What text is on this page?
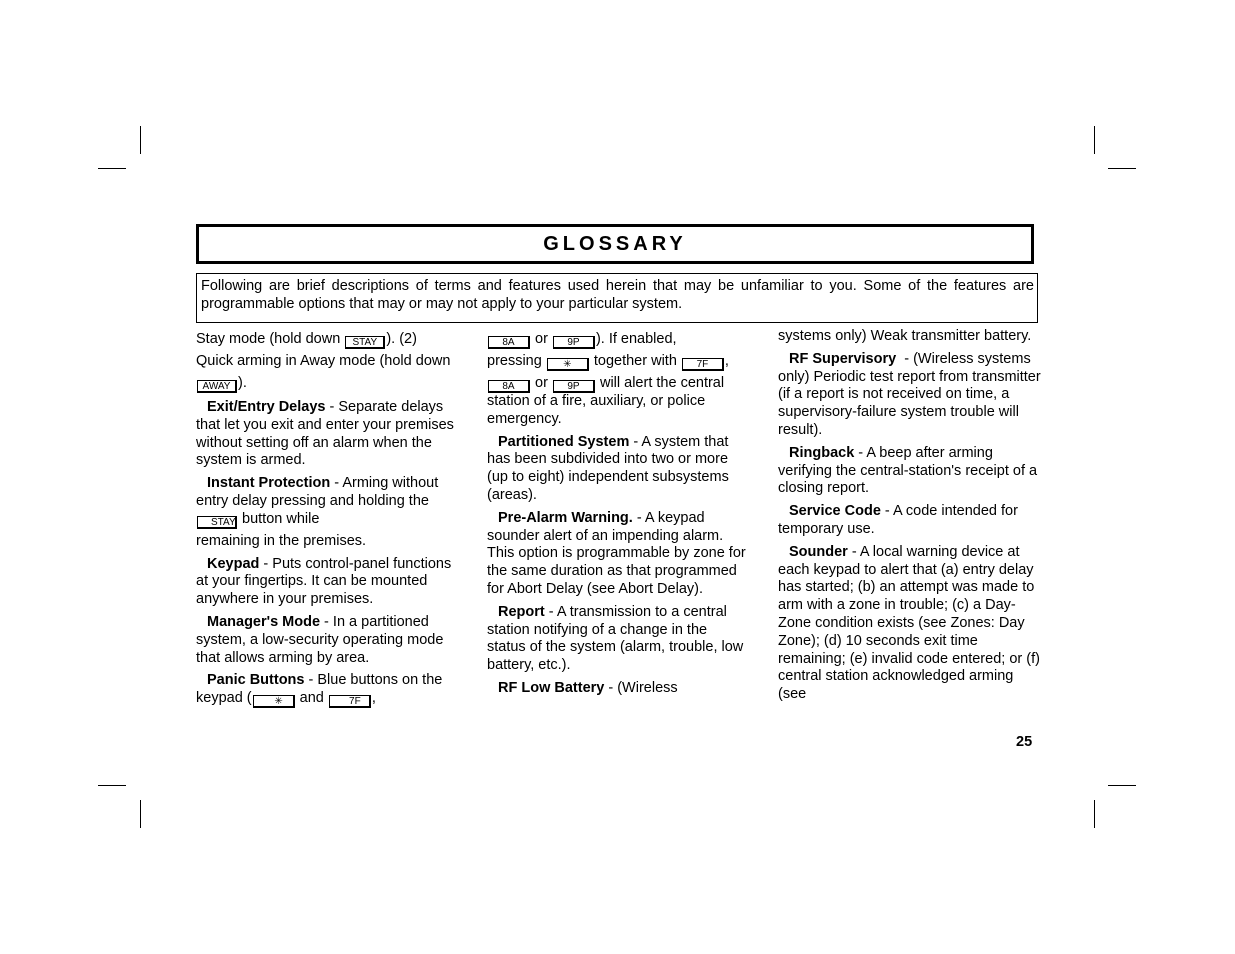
GLOSSARY
Following are brief descriptions of terms and features used herein that may be unfamiliar to you. Some of the features are programmable options that may or may not apply to your particular system.

Stay mode (hold down STAY ). (2)
Quick arming in Away mode (hold down AWAY ).

Exit/Entry Delays - Separate delays that let you exit and enter your premises without setting off an alarm when the system is armed.

Instant Protection - Arming without entry delay pressing and holding the STAY button while
remaining in the premises.

Keypad - Puts control-panel functions at your fingertips. It can be mounted anywhere in your premises.

Manager's Mode - In a partitioned system, a low-security operating mode that allows arming by area.

Panic Buttons - Blue buttons on the keypad ( ✳ and 7F ,

8A or 9P ). If enabled,
pressing ✳ together with 7F ,
8A or 9P will alert the central

station of a fire, auxiliary, or police emergency.

Partitioned System - A system that has been subdivided into two or more (up to eight) independent subsystems (areas).

Pre-Alarm Warning. - A keypad sounder alert of an impending alarm. This option is programmable by zone for the same duration as that programmed for Abort Delay (see Abort Delay).

Report - A transmission to a central station notifying of a change in the status of the system (alarm, trouble, low battery, etc.).

RF Low Battery - (Wireless

systems only) Weak transmitter battery.

RF Supervisory  - (Wireless systems only) Periodic test report from transmitter (if a report is not received on time, a supervisory-failure system trouble will result).

Ringback - A beep after arming verifying the central-station's receipt of a closing report.

Service Code - A code intended for temporary use.

Sounder - A local warning device at each keypad to alert that (a) entry delay has started; (b) an attempt was made to arm with a zone in trouble; (c) a Day-Zone condition exists (see Zones: Day Zone); (d) 10 seconds exit time remaining; (e) invalid code entered; or (f) central station acknowledged arming (see

25
